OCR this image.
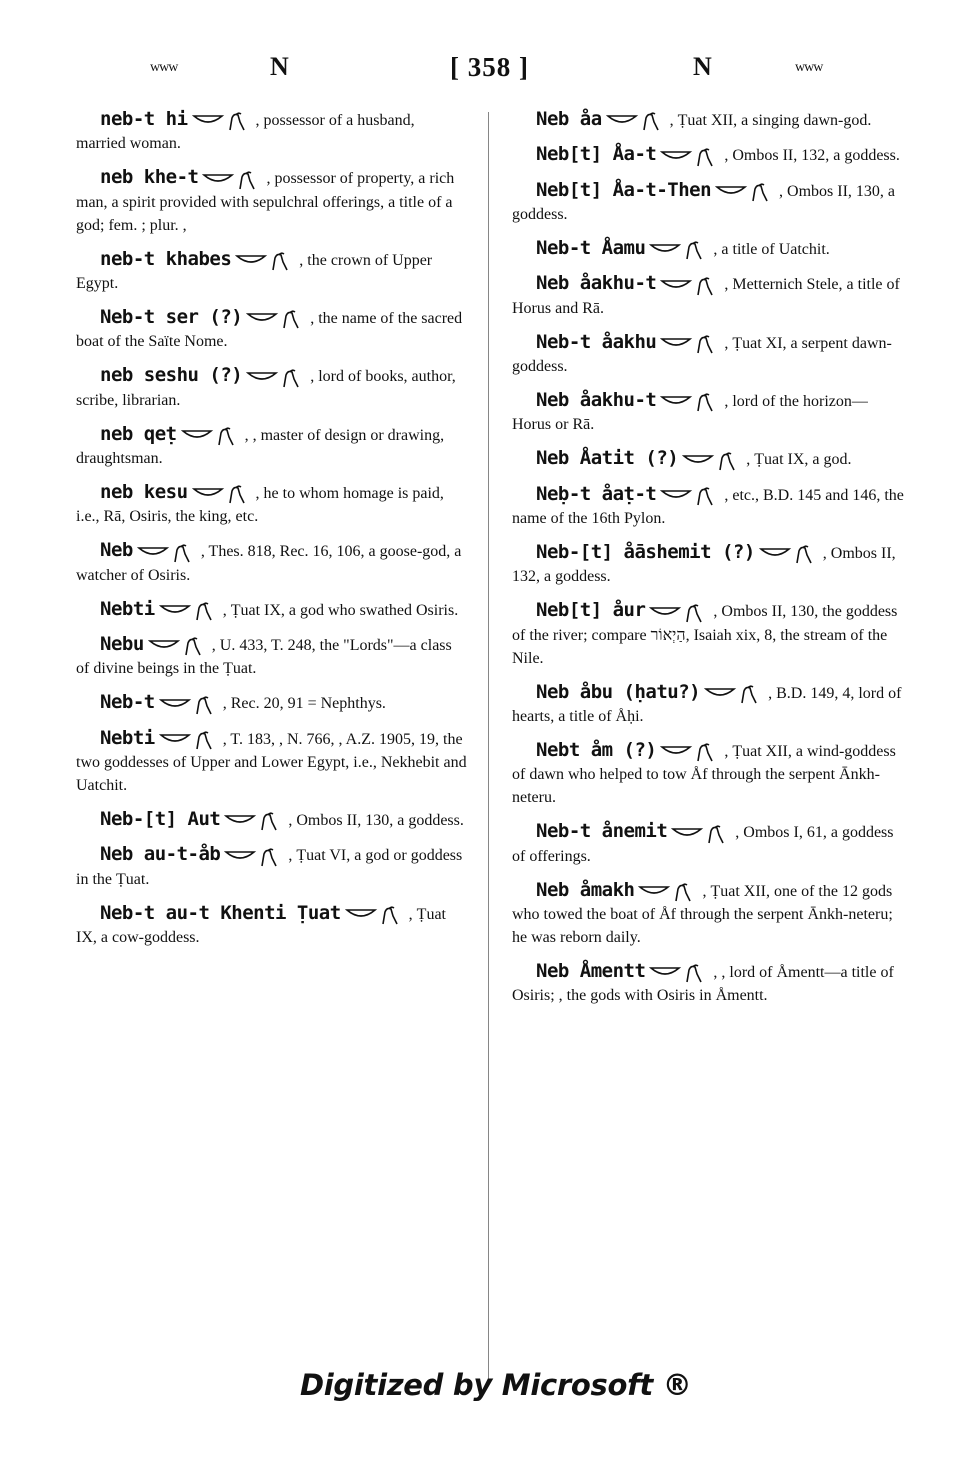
ᴡᴡᴡ	N	[ 358 ]	N	ᴡᴡᴡ
neb-t hi	, possessor of a husband, married woman.
neb khe-t	, possessor of property, a rich man, a spirit provided with sepulchral offerings, a title of a god; fem. ; plur. ,
neb-t khabes	, the crown of Upper Egypt.
Neb-t ser (?)	, the name of the sacred boat of the Saïte Nome.
neb seshu (?)	, lord of books, author, scribe, librarian.
neb qeṭ	, , master of design or drawing, draughtsman.
neb kesu	, he to whom homage is paid, i.e., Rā, Osiris, the king, etc.
Neb	, Thes. 818, Rec. 16, 106, a goose-god, a watcher of Osiris.
Nebti	, Ṭuat IX, a god who swathed Osiris.
Nebu	, U. 433, T. 248, the "Lords"—a class of divine beings in the Ṭuat.
Neb-t	, Rec. 20, 91 = Nephthys.
Nebti	, T. 183, , N. 766, , A.Z. 1905, 19, the two goddesses of Upper and Lower Egypt, i.e., Nekhebit and Uatchit.
Neb-[t] Aut	, Ombos II, 130, a goddess.
Neb au-t-åb	, Ṭuat VI, a god or goddess in the Ṭuat.
Neb-t au-t Khenti Ṭuat	, Ṭuat IX, a cow-goddess.
Neb åa	, Ṭuat XII, a singing dawn-god.
Neb[t] Åa-t	, Ombos II, 132, a goddess.
Neb[t] Åa-t-Then	, Ombos II, 130, a goddess.
Neb-t Åamu	, a title of Uatchit.
Neb åakhu-t	, Metternich Stele, a title of Horus and Rā.
Neb-t åakhu	, Ṭuat XI, a serpent dawn-goddess.
Neb åakhu-t	, lord of the horizon—Horus or Rā.
Neb Åatit (?)	, Ṭuat IX, a god.
Neḅ-t åaṭ-t	, etc., B.D. 145 and 146, the name of the 16th Pylon.
Neb-[t] åāshemit (?)	, Ombos II, 132, a goddess.
Neb[t] åur	, Ombos II, 130, the goddess of the river; compare הַיְאוֹר, Isaiah xix, 8, the stream of the Nile.
Neb åbu (ḥatu?)	, B.D. 149, 4, lord of hearts, a title of Åḥi.
Nebt åm (?)	, Ṭuat XII, a wind-goddess of dawn who helped to tow Åf through the serpent Ānkh-neteru.
Neb-t ånemit	, Ombos I, 61, a goddess of offerings.
Neb åmakh	, Ṭuat XII, one of the 12 gods who towed the boat of Åf through the serpent Ānkh-neteru; he was reborn daily.
Neb Åmentt	, , lord of Åmentt—a title of Osiris; , the gods with Osiris in Åmentt.
Digitized by Microsoft ®
